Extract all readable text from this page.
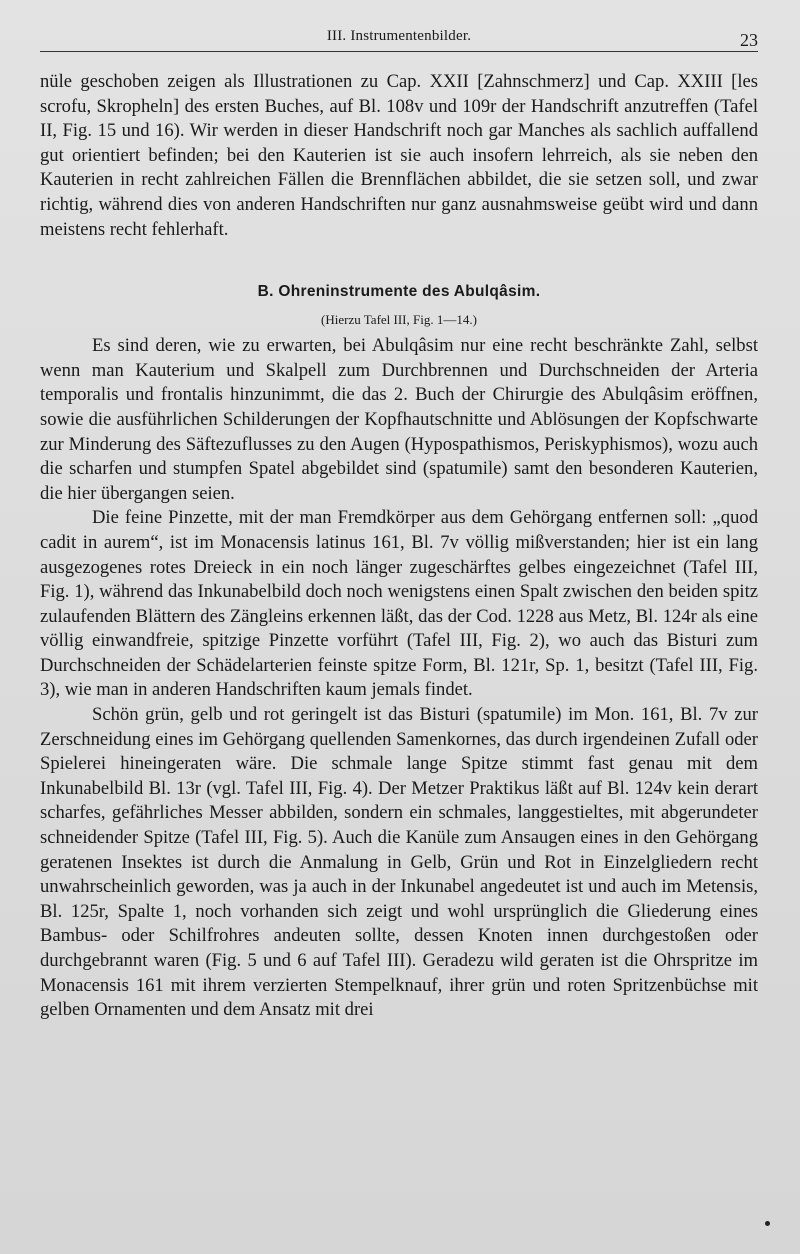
III. Instrumentenbilder.	23

nüle geschoben zeigen als Illustrationen zu Cap. XXII [Zahnschmerz] und Cap. XXIII [les scrofu, Skropheln] des ersten Buches, auf Bl. 108v und 109r der Handschrift anzutreffen (Tafel II, Fig. 15 und 16). Wir werden in dieser Handschrift noch gar Manches als sachlich auffallend gut orientiert befinden; bei den Kauterien ist sie auch insofern lehrreich, als sie neben den Kauterien in recht zahlreichen Fällen die Brennflächen abbildet, die sie setzen soll, und zwar richtig, während dies von anderen Handschriften nur ganz ausnahmsweise geübt wird und dann meistens recht fehlerhaft.

B. Ohreninstrumente des Abulqâsim.
(Hierzu Tafel III, Fig. 1—14.)

Es sind deren, wie zu erwarten, bei Abulqâsim nur eine recht beschränkte Zahl, selbst wenn man Kauterium und Skalpell zum Durchbrennen und Durchschneiden der Arteria temporalis und frontalis hinzunimmt, die das 2. Buch der Chirurgie des Abulqâsim eröffnen, sowie die ausführlichen Schilderungen der Kopfhautschnitte und Ablösungen der Kopfschwarte zur Minderung des Säftezuflusses zu den Augen (Hypospathismos, Periskyphismos), wozu auch die scharfen und stumpfen Spatel abgebildet sind (spatumile) samt den besonderen Kauterien, die hier übergangen seien.

Die feine Pinzette, mit der man Fremdkörper aus dem Gehörgang entfernen soll: „quod cadit in aurem“, ist im Monacensis latinus 161, Bl. 7v völlig mißverstanden; hier ist ein lang ausgezogenes rotes Dreieck in ein noch länger zugeschärftes gelbes eingezeichnet (Tafel III, Fig. 1), während das Inkunabelbild doch noch wenigstens einen Spalt zwischen den beiden spitz zulaufenden Blättern des Zängleins erkennen läßt, das der Cod. 1228 aus Metz, Bl. 124r als eine völlig einwandfreie, spitzige Pinzette vorführt (Tafel III, Fig. 2), wo auch das Bisturi zum Durchschneiden der Schädelarterien feinste spitze Form, Bl. 121r, Sp. 1, besitzt (Tafel III, Fig. 3), wie man in anderen Handschriften kaum jemals findet.

Schön grün, gelb und rot geringelt ist das Bisturi (spatumile) im Mon. 161, Bl. 7v zur Zerschneidung eines im Gehörgang quellenden Samenkornes, das durch irgendeinen Zufall oder Spielerei hineingeraten wäre. Die schmale lange Spitze stimmt fast genau mit dem Inkunabelbild Bl. 13r (vgl. Tafel III, Fig. 4). Der Metzer Praktikus läßt auf Bl. 124v kein derart scharfes, gefährliches Messer abbilden, sondern ein schmales, langgestieltes, mit abgerundeter schneidender Spitze (Tafel III, Fig. 5). Auch die Kanüle zum Ansaugen eines in den Gehörgang geratenen Insektes ist durch die Anmalung in Gelb, Grün und Rot in Einzelgliedern recht unwahrscheinlich geworden, was ja auch in der Inkunabel angedeutet ist und auch im Metensis, Bl. 125r, Spalte 1, noch vorhanden sich zeigt und wohl ursprünglich die Gliederung eines Bambus- oder Schilfrohres andeuten sollte, dessen Knoten innen durchgestoßen oder durchgebrannt waren (Fig. 5 und 6 auf Tafel III). Geradezu wild geraten ist die Ohrspritze im Monacensis 161 mit ihrem verzierten Stempelknauf, ihrer grün und roten Spritzenbüchse mit gelben Ornamenten und dem Ansatz mit drei
